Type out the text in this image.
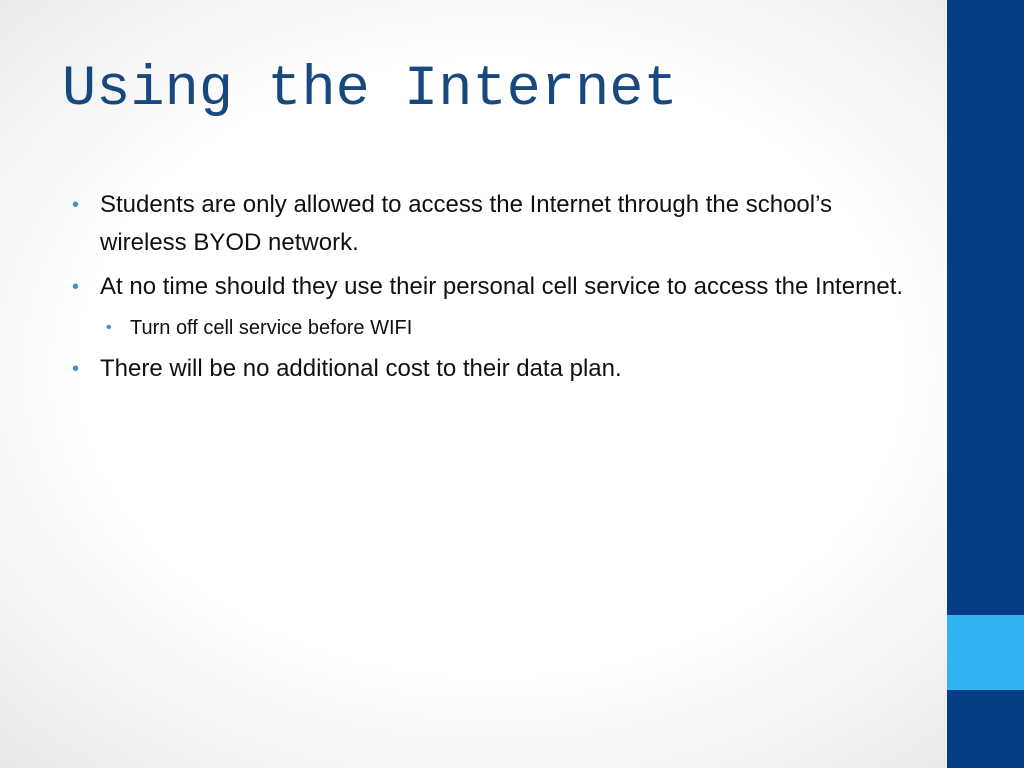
Using the Internet
• Students are only allowed to access the Internet through the school’s wireless BYOD network.
• At no time should they use their personal cell service to access the Internet.
• Turn off cell service before WIFI
• There will be no additional cost to their data plan.
